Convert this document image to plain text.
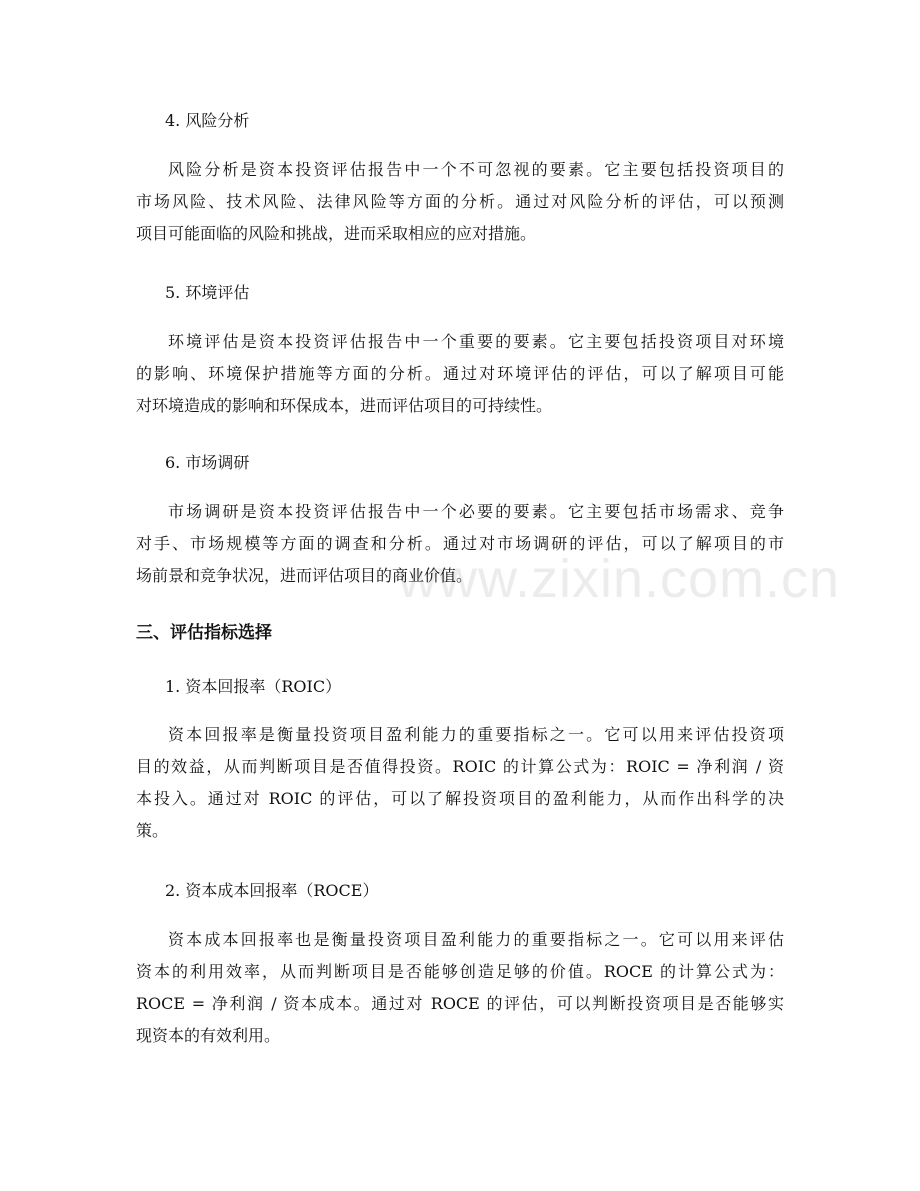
www.zixin.com.cn
4. 风险分析
风险分析是资本投资评估报告中一个不可忽视的要素。它主要包括投资项目的
市场风险、技术风险、法律风险等方面的分析。通过对风险分析的评估，可以预测
项目可能面临的风险和挑战，进而采取相应的应对措施。
5. 环境评估
环境评估是资本投资评估报告中一个重要的要素。它主要包括投资项目对环境
的影响、环境保护措施等方面的分析。通过对环境评估的评估，可以了解项目可能
对环境造成的影响和环保成本，进而评估项目的可持续性。
6. 市场调研
市场调研是资本投资评估报告中一个必要的要素。它主要包括市场需求、竞争
对手、市场规模等方面的调查和分析。通过对市场调研的评估，可以了解项目的市
场前景和竞争状况，进而评估项目的商业价值。
三、评估指标选择
1. 资本回报率（ROIC）
资本回报率是衡量投资项目盈利能力的重要指标之一。它可以用来评估投资项
目的效益，从而判断项目是否值得投资。ROIC 的计算公式为：ROIC = 净利润 / 资
本投入。通过对 ROIC 的评估，可以了解投资项目的盈利能力，从而作出科学的决
策。
2. 资本成本回报率（ROCE）
资本成本回报率也是衡量投资项目盈利能力的重要指标之一。它可以用来评估
资本的利用效率，从而判断项目是否能够创造足够的价值。ROCE 的计算公式为：
ROCE = 净利润 / 资本成本。通过对 ROCE 的评估，可以判断投资项目是否能够实
现资本的有效利用。
